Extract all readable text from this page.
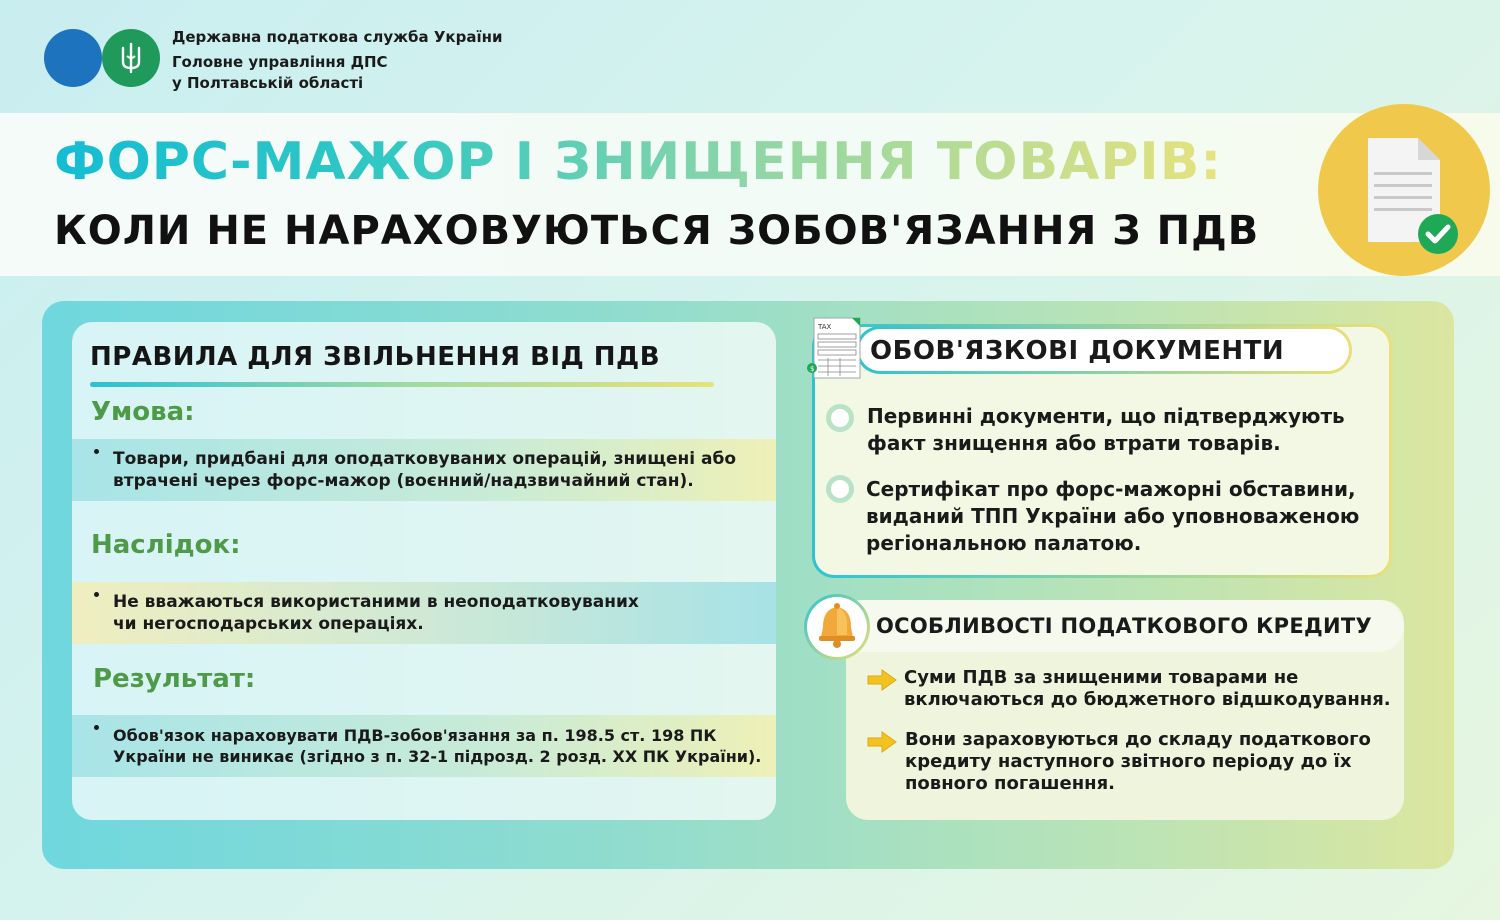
Державна податкова служба України
Головне управління ДПС
у Полтавській області
ФОРС-МАЖОР І ЗНИЩЕННЯ ТОВАРІВ:
КОЛИ НЕ НАРАХОВУЮТЬСЯ ЗОБОВ'ЯЗАННЯ З ПДВ
ПРАВИЛА ДЛЯ ЗВІЛЬНЕННЯ ВІД ПДВ
Умова:
Товари, придбані для оподатковуваних операцій, знищені або
втрачені через форс-мажор (воєнний/надзвичайний стан).
Наслідок:
Не вважаються використаними в неоподатковуваних
чи негосподарських операціях.
Результат:
Обов'язок нараховувати ПДВ-зобов'язання за п. 198.5 ст. 198 ПК
України не виникає (згідно з п. 32-1 підрозд. 2 розд. XX ПК України).
ОБОВ'ЯЗКОВІ ДОКУМЕНТИ
TAX
$
Первинні документи, що підтверджують
факт знищення або втрати товарів.
Сертифікат про форс-мажорні обставини,
виданий ТПП України або уповноваженою
регіональною палатою.
ОСОБЛИВОСТІ ПОДАТКОВОГО КРЕДИТУ
Суми ПДВ за знищеними товарами не
включаються до бюджетного відшкодування.
Вони зараховуються до складу податкового
кредиту наступного звітного періоду до їх
повного погашення.
